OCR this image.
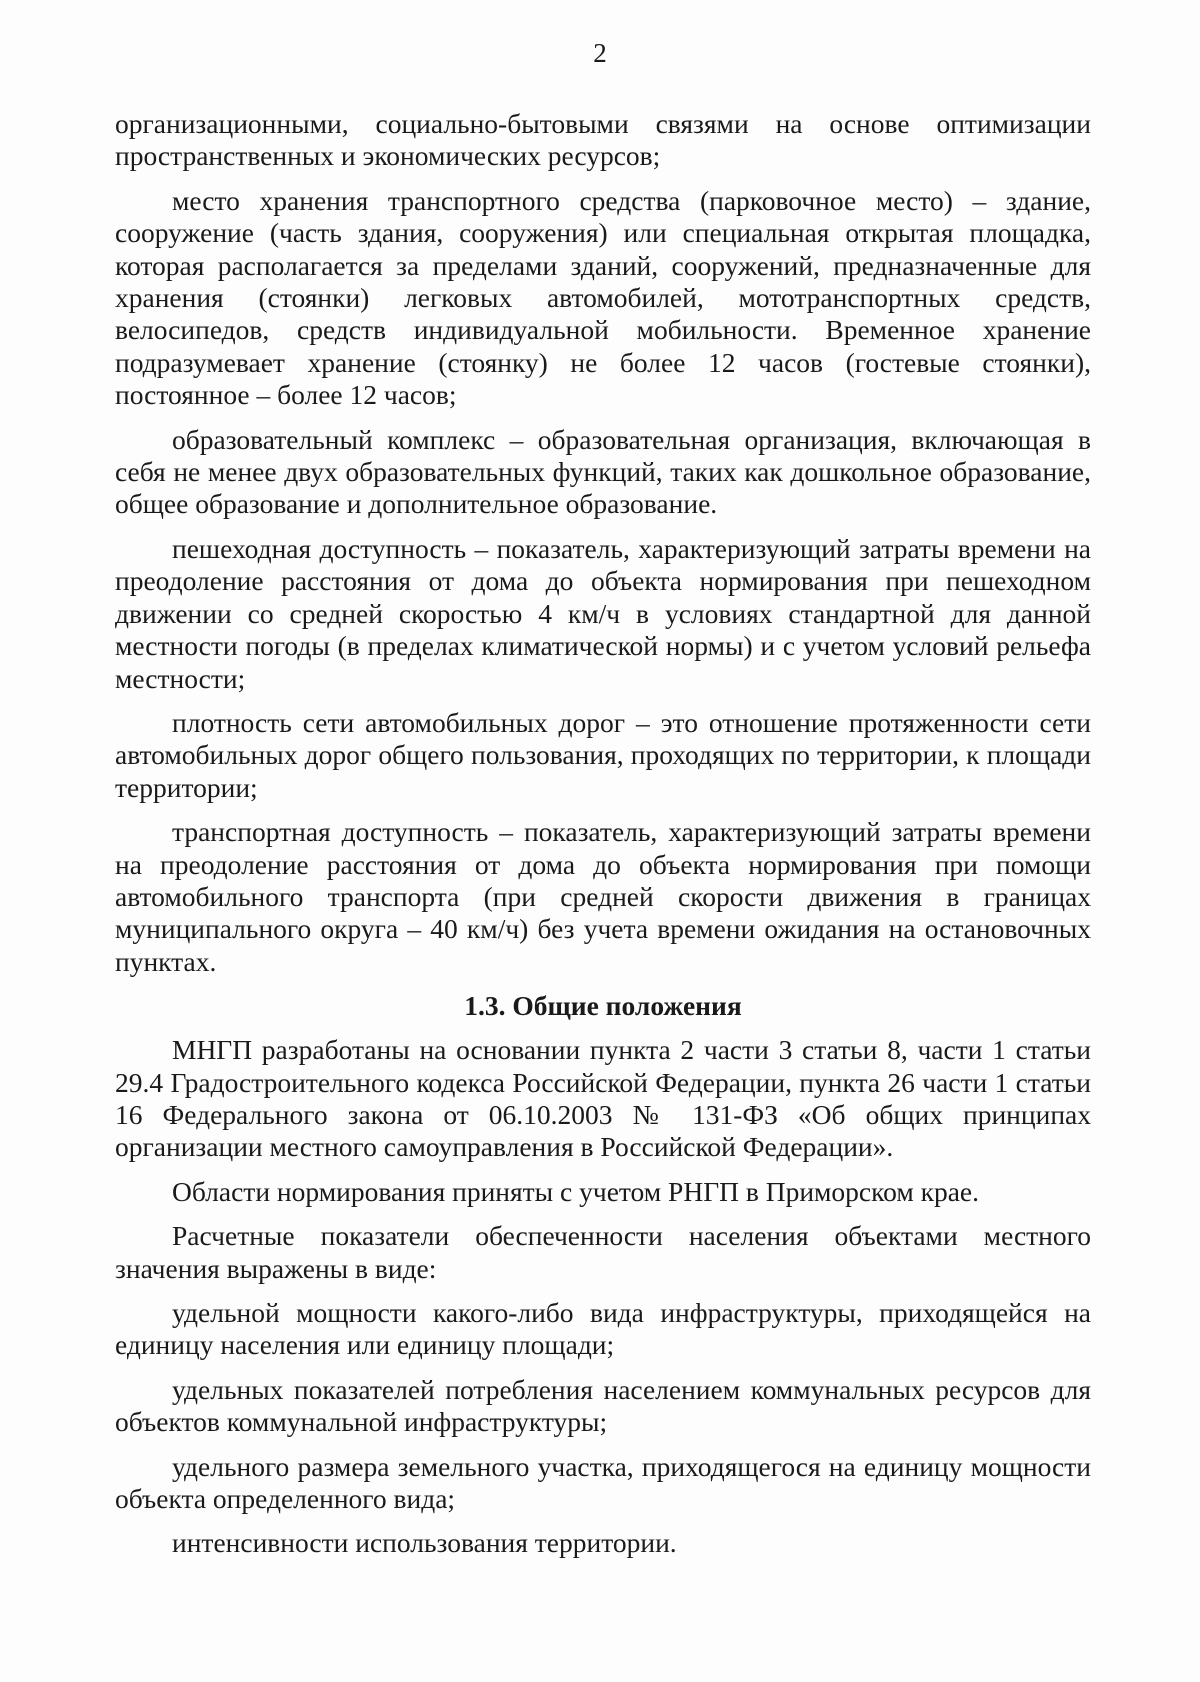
2

организационными, социально-бытовыми связями на основе оптимизации пространственных и экономических ресурсов;

место хранения транспортного средства (парковочное место) – здание, сооружение (часть здания, сооружения) или специальная открытая площадка, которая располагается за пределами зданий, сооружений, предназначенные для хранения (стоянки) легковых автомобилей, мототранспортных средств, велосипедов, средств индивидуальной мобильности. Временное хранение подразумевает хранение (стоянку) не более 12 часов (гостевые стоянки), постоянное – более 12 часов;

образовательный комплекс – образовательная организация, включающая в себя не менее двух образовательных функций, таких как дошкольное образование, общее образование и дополнительное образование.

пешеходная доступность – показатель, характеризующий затраты времени на преодоление расстояния от дома до объекта нормирования при пешеходном движении со средней скоростью 4 км/ч в условиях стандартной для данной местности погоды (в пределах климатической нормы) и с учетом условий рельефа местности;

плотность сети автомобильных дорог – это отношение протяженности сети автомобильных дорог общего пользования, проходящих по территории, к площади территории;

транспортная доступность – показатель, характеризующий затраты времени на преодоление расстояния от дома до объекта нормирования при помощи автомобильного транспорта (при средней скорости движения в границах муниципального округа – 40 км/ч) без учета времени ожидания на остановочных пунктах.

1.3. Общие положения

МНГП разработаны на основании пункта 2 части 3 статьи 8, части 1 статьи 29.4 Градостроительного кодекса Российской Федерации, пункта 26 части 1 статьи 16 Федерального закона от 06.10.2003 № 131-ФЗ «Об общих принципах организации местного самоуправления в Российской Федерации».

Области нормирования приняты с учетом РНГП в Приморском крае.

Расчетные показатели обеспеченности населения объектами местного значения выражены в виде:

удельной мощности какого-либо вида инфраструктуры, приходящейся на единицу населения или единицу площади;

удельных показателей потребления населением коммунальных ресурсов для объектов коммунальной инфраструктуры;

удельного размера земельного участка, приходящегося на единицу мощности объекта определенного вида;

интенсивности использования территории.
